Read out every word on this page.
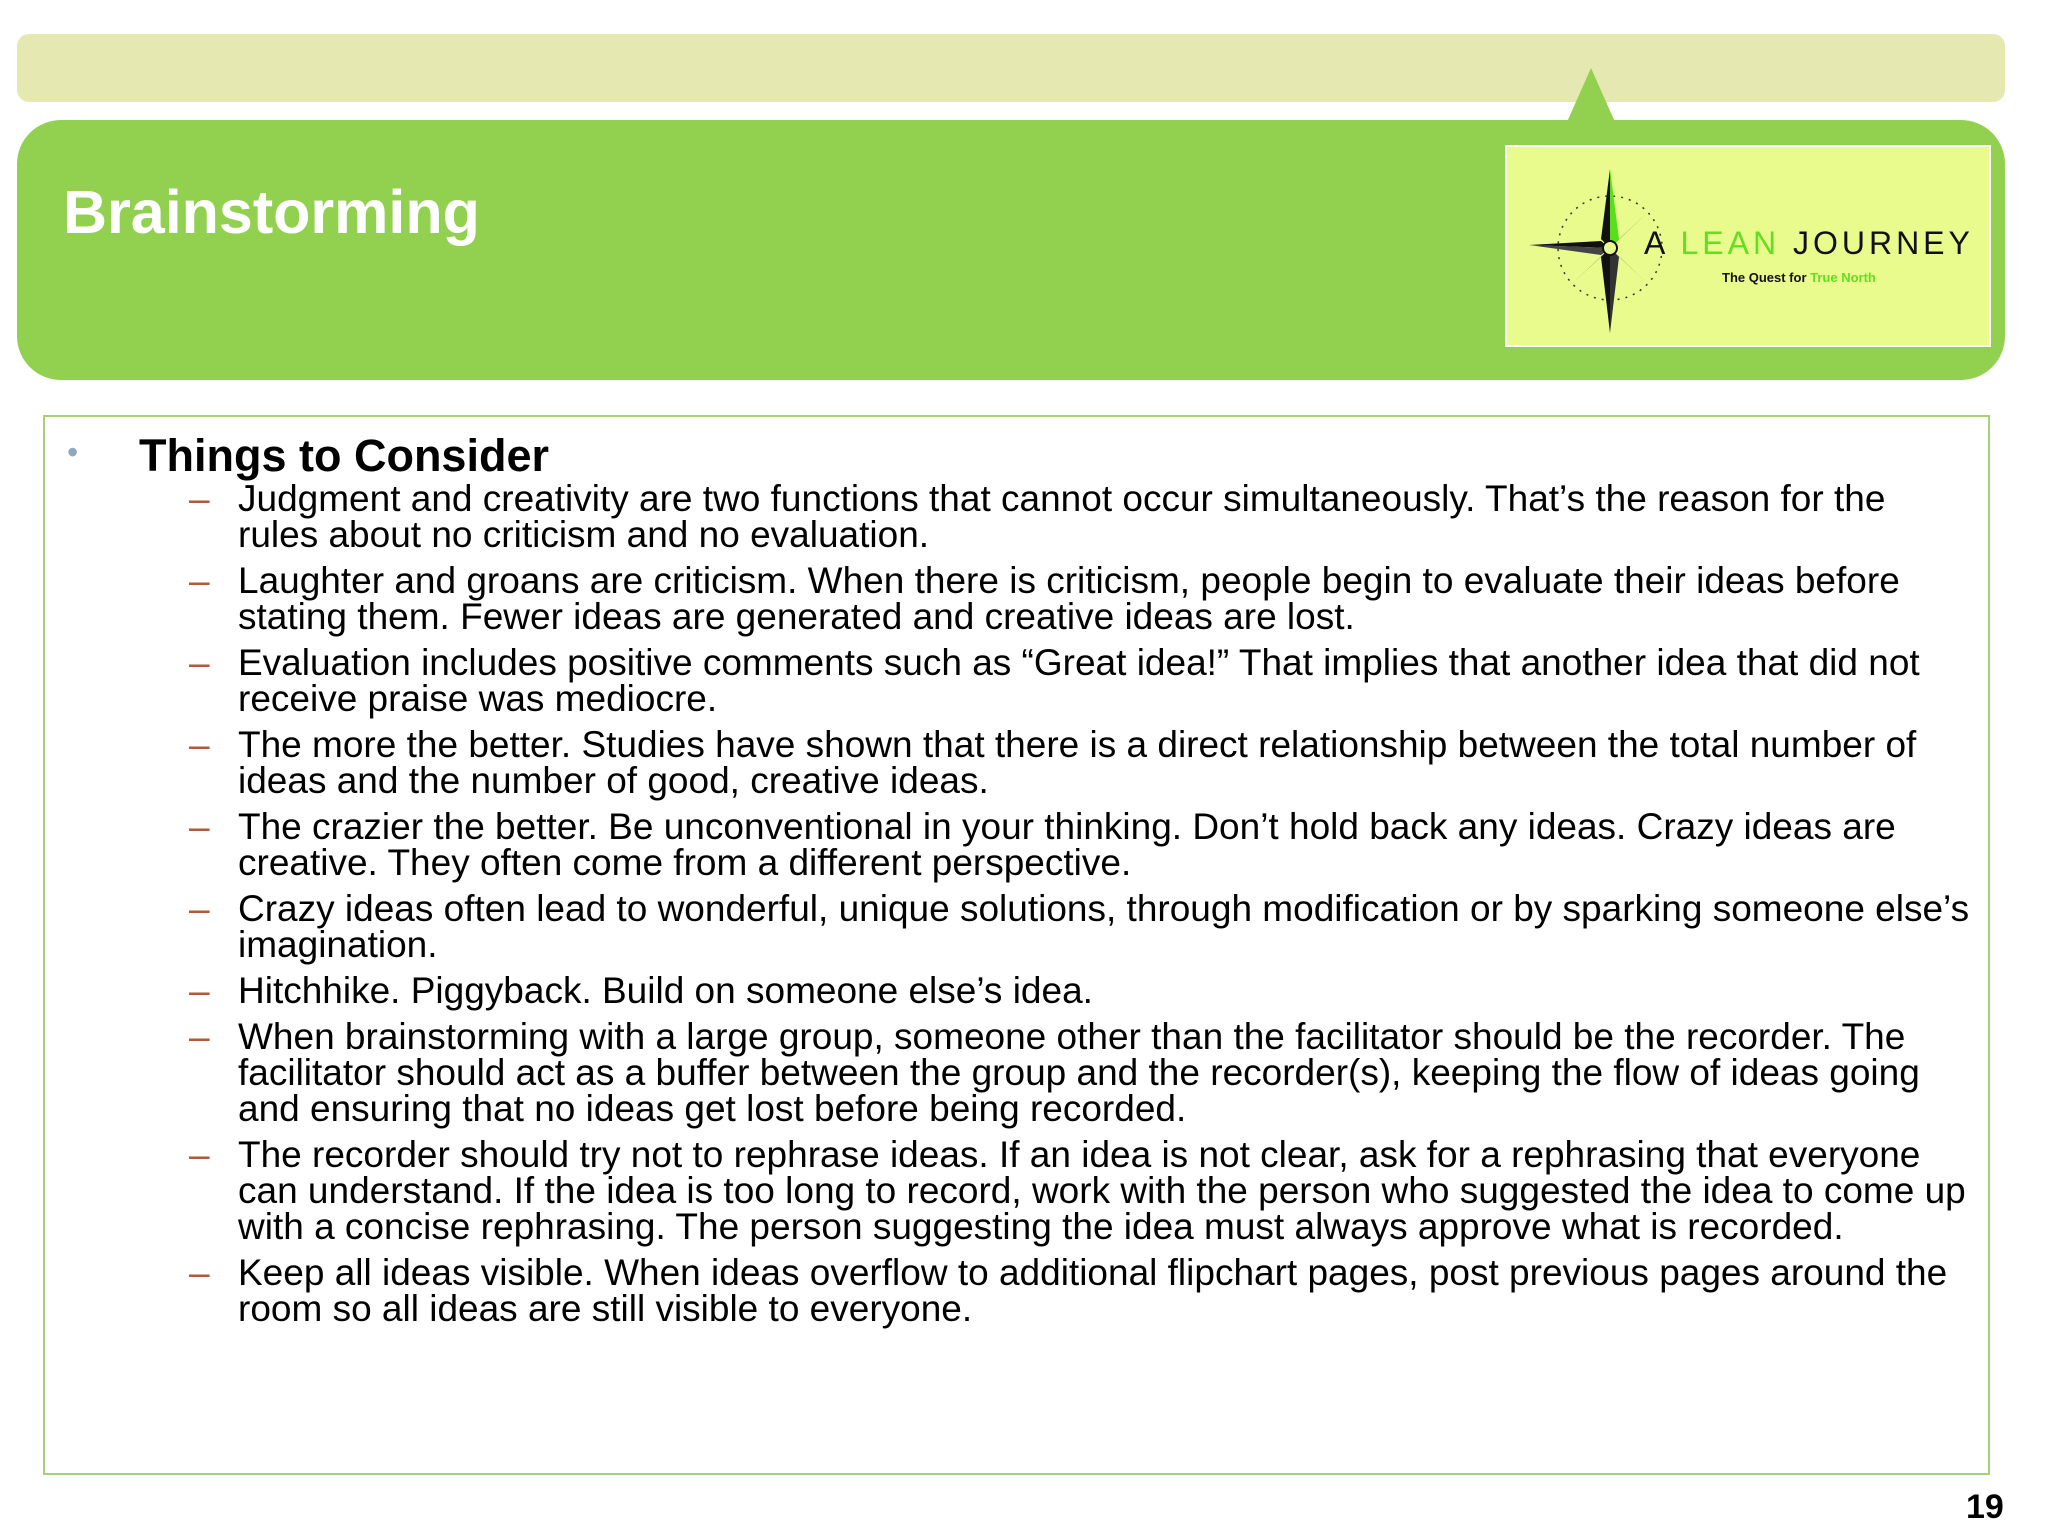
Brainstorming	A LEAN JOURNEY
The Quest for True North
• Things to Consider
– Judgment and creativity are two functions that cannot occur simultaneously. That’s the reason for the rules about no criticism and no evaluation.
– Laughter and groans are criticism. When there is criticism, people begin to evaluate their ideas before stating them. Fewer ideas are generated and creative ideas are lost.
– Evaluation includes positive comments such as “Great idea!” That implies that another idea that did not receive praise was mediocre.
– The more the better. Studies have shown that there is a direct relationship between the total number of ideas and the number of good, creative ideas.
– The crazier the better. Be unconventional in your thinking. Don’t hold back any ideas. Crazy ideas are creative. They often come from a different perspective.
– Crazy ideas often lead to wonderful, unique solutions, through modification or by sparking someone else’s imagination.
– Hitchhike. Piggyback. Build on someone else’s idea.
– When brainstorming with a large group, someone other than the facilitator should be the recorder. The facilitator should act as a buffer between the group and the recorder(s), keeping the flow of ideas going and ensuring that no ideas get lost before being recorded.
– The recorder should try not to rephrase ideas. If an idea is not clear, ask for a rephrasing that everyone can understand. If the idea is too long to record, work with the person who suggested the idea to come up with a concise rephrasing. The person suggesting the idea must always approve what is recorded.
– Keep all ideas visible. When ideas overflow to additional flipchart pages, post previous pages around the room so all ideas are still visible to everyone.
19
